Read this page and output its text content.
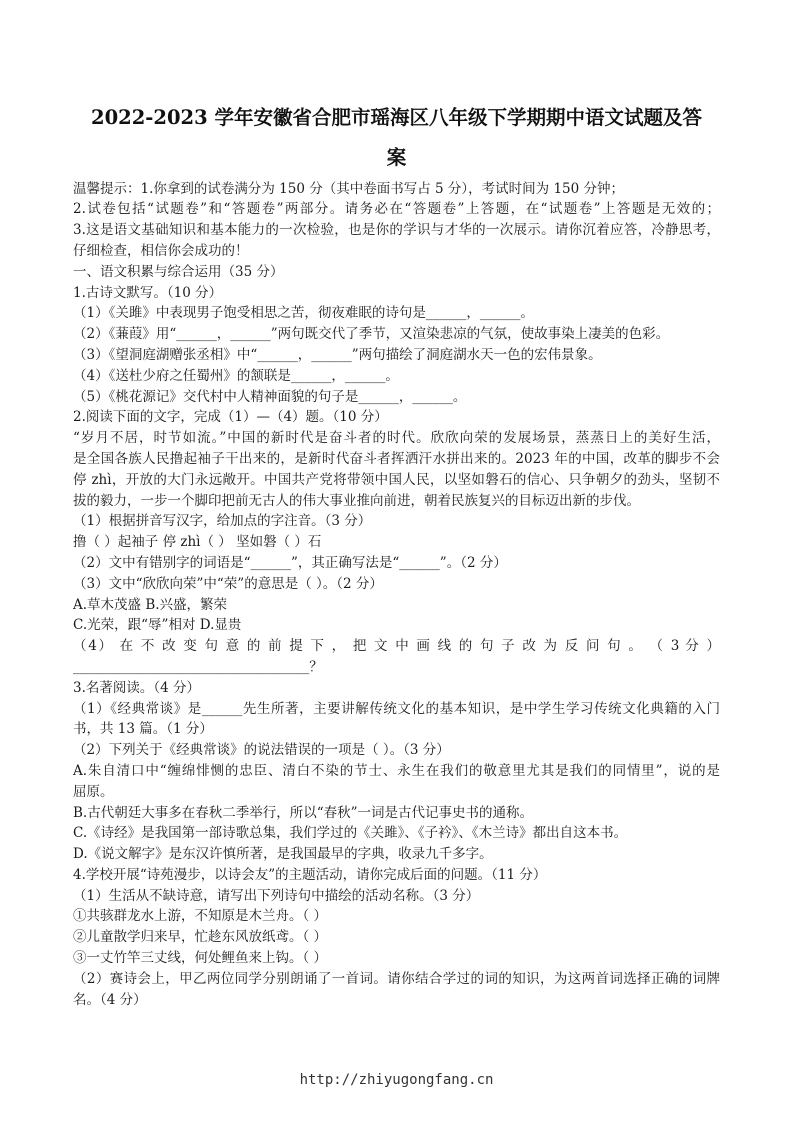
2022-2023 学年安徽省合肥市瑶海区八年级下学期期中语文试题及答
案
温馨提示：1.你拿到的试卷满分为 150 分（其中卷面书写占 5 分），考试时间为 150 分钟；
2.试卷包括“试题卷”和“答题卷”两部分。请务必在“答题卷”上答题，在“试题卷”上答题是无效的；
3.这是语文基础知识和基本能力的一次检验，也是你的学识与才华的一次展示。请你沉着应答，冷静思考，
仔细检查，相信你会成功的！
一、语文积累与综合运用（35 分）
1.古诗文默写。（10 分）
（1）《关雎》中表现男子饱受相思之苦，彻夜难眠的诗句是______，______。
（2）《蒹葭》用“______，______”两句既交代了季节，又渲染悲凉的气氛，使故事染上凄美的色彩。
（3）《望洞庭湖赠张丞相》中“______，______”两句描绘了洞庭湖水天一色的宏伟景象。
（4）《送杜少府之任蜀州》的颔联是______，______。
（5）《桃花源记》交代村中人精神面貌的句子是______，______。
2.阅读下面的文字，完成（1）—（4）题。（10 分）
“岁月不居，时节如流。”中国的新时代是奋斗者的时代。欣欣向荣的发展场景，蒸蒸日上的美好生活，
是全国各族人民撸起袖子干出来的，是新时代奋斗者挥洒汗水拼出来的。2023 年的中国，改革的脚步不会
停 zhì，开放的大门永远敞开。中国共产党将带领中国人民，以坚如磐石的信心、只争朝夕的劲头，坚韧不
拔的毅力，一步一个脚印把前无古人的伟大事业推向前进，朝着民族复兴的目标迈出新的步伐。
（1）根据拼音写汉字，给加点的字注音。（3 分）
撸（ ）起袖子 停 zhì（ ） 坚如磐（ ）石
（2）文中有错别字的词语是“______”，其正确写法是“______”。（2 分）
（3）文中“欣欣向荣”中“荣”的意思是（ ）。（2 分）
A.草木茂盛 B.兴盛，繁荣
C.光荣，跟“辱”相对 D.显贵
（4） 在 不 改 变 句 意 的 前 提 下 ， 把 文 中 画 线 的 句 子 改 为 反 问 句 。 （ 3 分 ）
___________________________________？
3.名著阅读。（4 分）
（1）《经典常谈》是______先生所著，主要讲解传统文化的基本知识，是中学生学习传统文化典籍的入门
书，共 13 篇。（1 分）
（2）下列关于《经典常谈》的说法错误的一项是（ ）。（3 分）
A.朱自清口中“缠绵悱恻的忠臣、清白不染的节士、永生在我们的敬意里尤其是我们的同情里”，说的是
屈原。
B.古代朝廷大事多在春秋二季举行，所以“春秋”一词是古代记事史书的通称。
C.《诗经》是我国第一部诗歌总集，我们学过的《关雎》、《子衿》、《木兰诗》都出自这本书。
D.《说文解字》是东汉许慎所著，是我国最早的字典，收录九千多字。
4.学校开展“诗苑漫步，以诗会友”的主题活动，请你完成后面的问题。（11 分）
（1）生活从不缺诗意，请写出下列诗句中描绘的活动名称。（3 分）
①共骇群龙水上游，不知原是木兰舟。（ ）
②儿童散学归来早，忙趁东风放纸鸢。（ ）
③一丈竹竿三丈线，何处鲤鱼来上钩。（ ）
（2）赛诗会上，甲乙两位同学分别朗诵了一首词。请你结合学过的词的知识，为这两首词选择正确的词牌
名。（4 分）
http://zhiyugongfang.cn
